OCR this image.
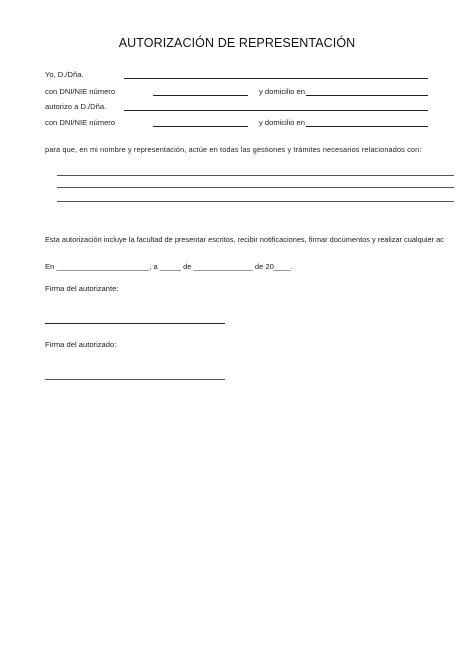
AUTORIZACIÓN DE REPRESENTACIÓN
Yo, D./Dña.
con DNI/NIE número	y domicilio en
autorizo a D./Dña.
con DNI/NIE número	y domicilio en
para que, en mi nombre y representación, actúe en todas las gestiones y trámites necesarios relacionados con:
Esta autorización incluye la facultad de presentar escritos, recibir notificaciones, firmar documentos y realizar cualquier ac
En ______________________, a _____ de ______________ de 20____.
Firma del autorizante:
Firma del autorizado:
